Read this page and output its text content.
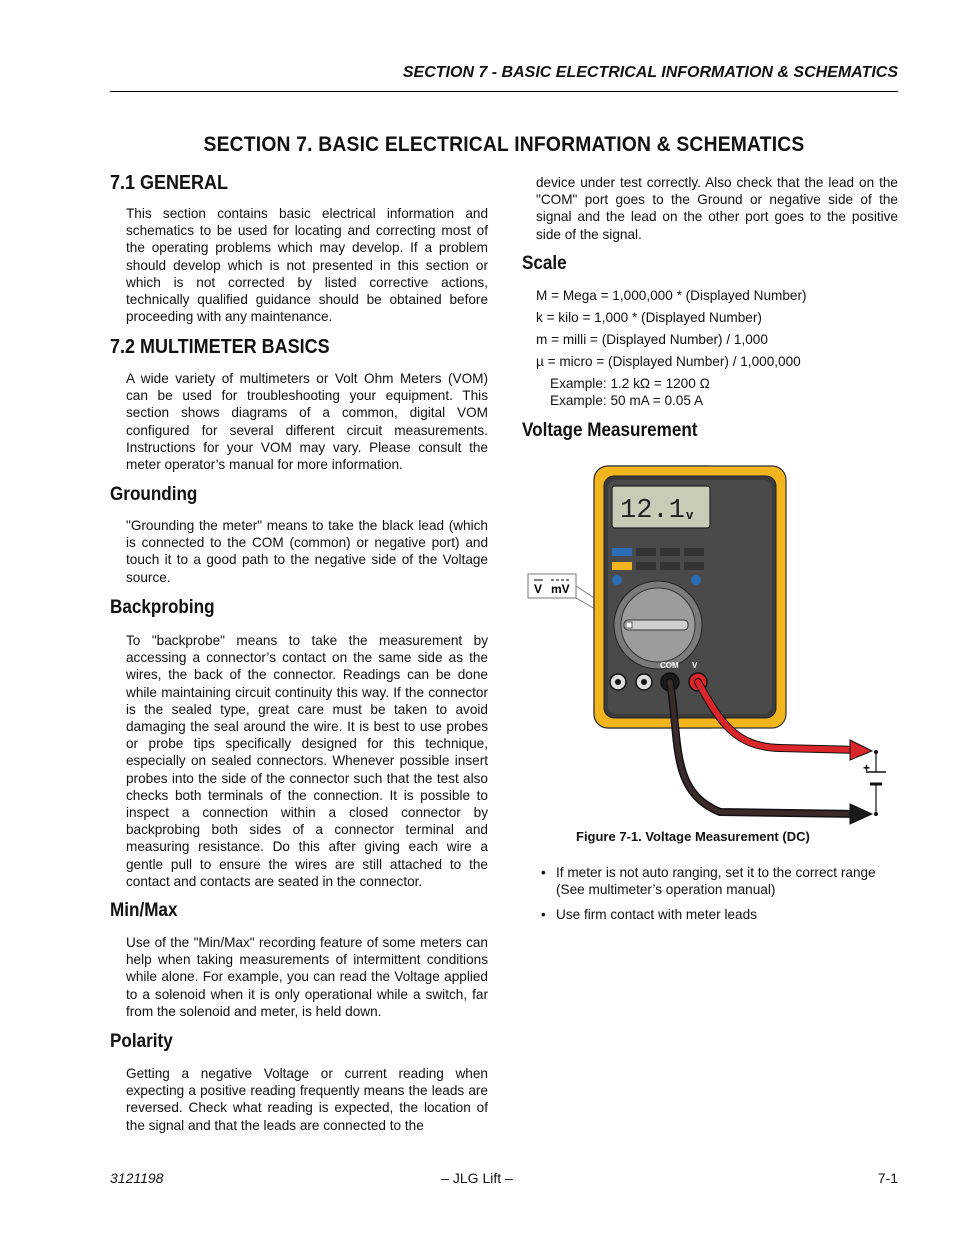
SECTION 7 - BASIC ELECTRICAL INFORMATION & SCHEMATICS
SECTION 7. BASIC ELECTRICAL INFORMATION & SCHEMATICS
7.1 GENERAL
This section contains basic electrical information and schematics to be used for locating and correcting most of the operating problems which may develop. If a problem should develop which is not presented in this section or which is not corrected by listed corrective actions, technically qualified guidance should be obtained before proceeding with any maintenance.
7.2 MULTIMETER BASICS
A wide variety of multimeters or Volt Ohm Meters (VOM) can be used for troubleshooting your equipment. This section shows diagrams of a common, digital VOM configured for several different circuit measurements. Instructions for your VOM may vary. Please consult the meter operator’s manual for more information.
Grounding
"Grounding the meter" means to take the black lead (which is connected to the COM (common) or negative port) and touch it to a good path to the negative side of the Voltage source.
Backprobing
To "backprobe" means to take the measurement by accessing a connector’s contact on the same side as the wires, the back of the connector. Readings can be done while maintaining circuit continuity this way. If the connector is the sealed type, great care must be taken to avoid damaging the seal around the wire. It is best to use probes or probe tips specifically designed for this technique, especially on sealed connectors. Whenever possible insert probes into the side of the connector such that the test also checks both terminals of the connection. It is possible to inspect a connection within a closed connector by backprobing both sides of a connector terminal and measuring resistance. Do this after giving each wire a gentle pull to ensure the wires are still attached to the contact and contacts are seated in the connector.
Min/Max
Use of the "Min/Max" recording feature of some meters can help when taking measurements of intermittent conditions while alone. For example, you can read the Voltage applied to a solenoid when it is only operational while a switch, far from the solenoid and meter, is held down.
Polarity
Getting a negative Voltage or current reading when expecting a positive reading frequently means the leads are reversed. Check what reading is expected, the location of the signal and that the leads are connected to the
device under test correctly. Also check that the lead on the "COM" port goes to the Ground or negative side of the signal and the lead on the other port goes to the positive side of the signal.
Scale
M = Mega = 1,000,000 * (Displayed Number)
k = kilo = 1,000 * (Displayed Number)
m = milli = (Displayed Number) / 1,000
µ = micro = (Displayed Number) / 1,000,000
Example: 1.2 kΩ = 1200 Ω
Example: 50 mA = 0.05 A
Voltage Measurement
V mV
12.1 v
COM V
+
Figure 7-1. Voltage Measurement (DC)
• If meter is not auto ranging, set it to the correct range (See multimeter’s operation manual)
• Use firm contact with meter leads
3121198	– JLG Lift –	7-1
